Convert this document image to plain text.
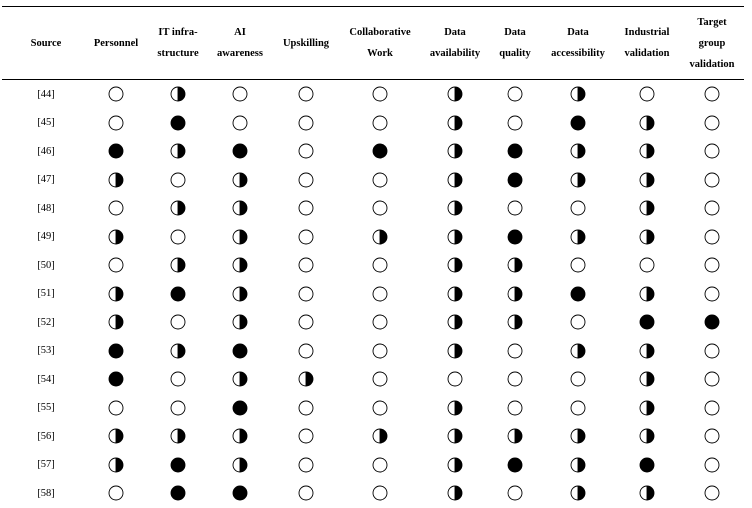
Source	Personnel
IT infra-
structure
AI
awareness
Upskilling
Collaborative
Work
Data
availability
Data
quality
Data
accessibility
Industrial
validation
Target
group
validation
[44]
[45]
[46]
[47]
[48]
[49]
[50]
[51]
[52]
[53]
[54]
[55]
[56]
[57]
[58]
